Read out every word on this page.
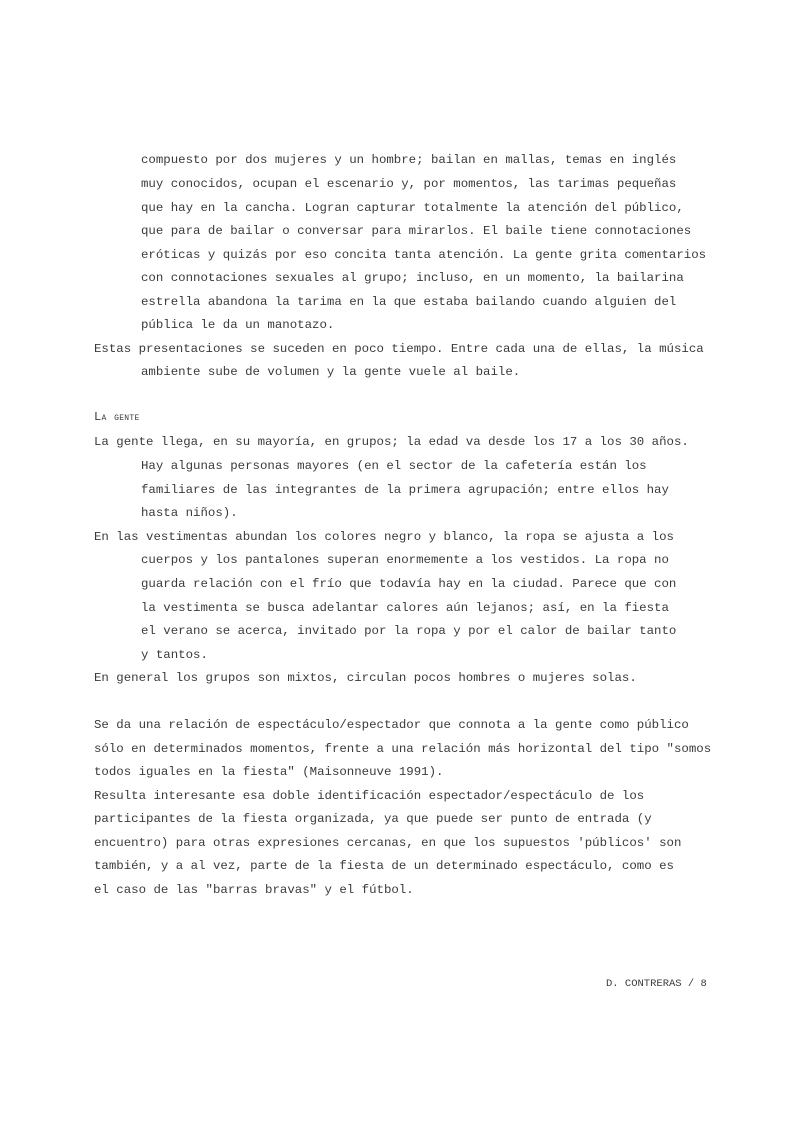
compuesto por dos mujeres y un hombre; bailan en mallas, temas en inglés
muy conocidos, ocupan el escenario y, por momentos, las tarimas pequeñas
que hay en la cancha. Logran capturar totalmente la atención del público,
que para de bailar o conversar para mirarlos. El baile tiene connotaciones
eróticas y quizás por eso concita tanta atención. La gente grita comentarios
con connotaciones sexuales al grupo; incluso, en un momento, la bailarina
estrella abandona la tarima en la que estaba bailando cuando alguien del
públicа le da un manotazo.
Estas presentaciones se suceden en poco tiempo. Entre cada una de ellas, la música
ambiente sube de volumen y la gente vuele al baile.
La gente
La gente llega, en su mayoría, en grupos; la edad va desde los 17 a los 30 años.
Hay algunas personas mayores (en el sector de la cafetería están los
familiares de las integrantes de la primera agrupación; entre ellos hay
hasta niños).
En las vestimentas abundan los colores negro y blanco, la ropa se ajusta a los
cuerpos y los pantalones superan enormemente a los vestidos. La ropa no
guarda relación con el frío que todavía hay en la ciudad. Parece que con
la vestimenta se busca adelantar calores aún lejanos; así, en la fiesta
el verano se acerca, invitado por la ropa y por el calor de bailar tanto
y tantos.
En general los grupos son mixtos, circulan pocos hombres o mujeres solas.
Se da una relación de espectáculo/espectador que connota a la gente como público
sólo en determinados momentos, frente a una relación más horizontal del tipo "somos
todos iguales en la fiesta" (Maisonneuve 1991).
Resulta interesante esa doble identificación espectador/espectáculo de los
participantes de la fiesta organizada, ya que puede ser punto de entrada (y
encuentro) para otras expresiones cercanas, en que los supuestos 'públicos' son
también, y a al vez, parte de la fiesta de un determinado espectáculo, como es
el caso de las "barras bravas" y el fútbol.
D. CONTRERAS / 8
